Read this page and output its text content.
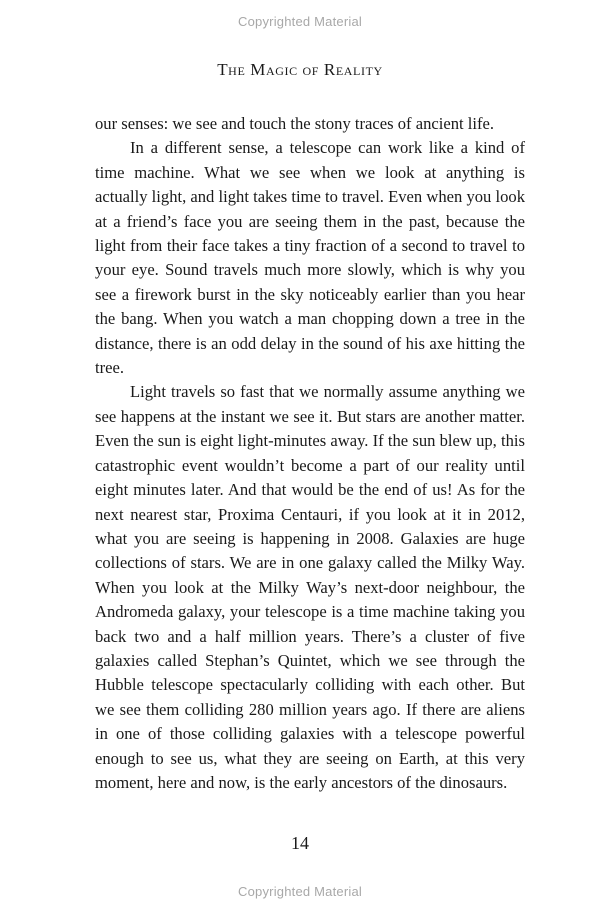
Copyrighted Material
The Magic of Reality

our senses: we see and touch the stony traces of ancient life.

In a different sense, a telescope can work like a kind of time machine. What we see when we look at anything is actually light, and light takes time to travel. Even when you look at a friend’s face you are seeing them in the past, because the light from their face takes a tiny fraction of a second to travel to your eye. Sound travels much more slowly, which is why you see a firework burst in the sky noticeably earlier than you hear the bang. When you watch a man chopping down a tree in the distance, there is an odd delay in the sound of his axe hitting the tree.

Light travels so fast that we normally assume anything we see happens at the instant we see it. But stars are another matter. Even the sun is eight light-minutes away. If the sun blew up, this catastrophic event wouldn’t become a part of our reality until eight minutes later. And that would be the end of us! As for the next nearest star, Proxima Centauri, if you look at it in 2012, what you are seeing is happening in 2008. Galaxies are huge collections of stars. We are in one galaxy called the Milky Way. When you look at the Milky Way’s next-door neighbour, the Andromeda galaxy, your telescope is a time machine taking you back two and a half million years. There’s a cluster of five galaxies called Stephan’s Quintet, which we see through the Hubble telescope spectacularly colliding with each other. But we see them colliding 280 million years ago. If there are aliens in one of those colliding galaxies with a telescope powerful enough to see us, what they are seeing on Earth, at this very moment, here and now, is the early ancestors of the dinosaurs.

14
Copyrighted Material
